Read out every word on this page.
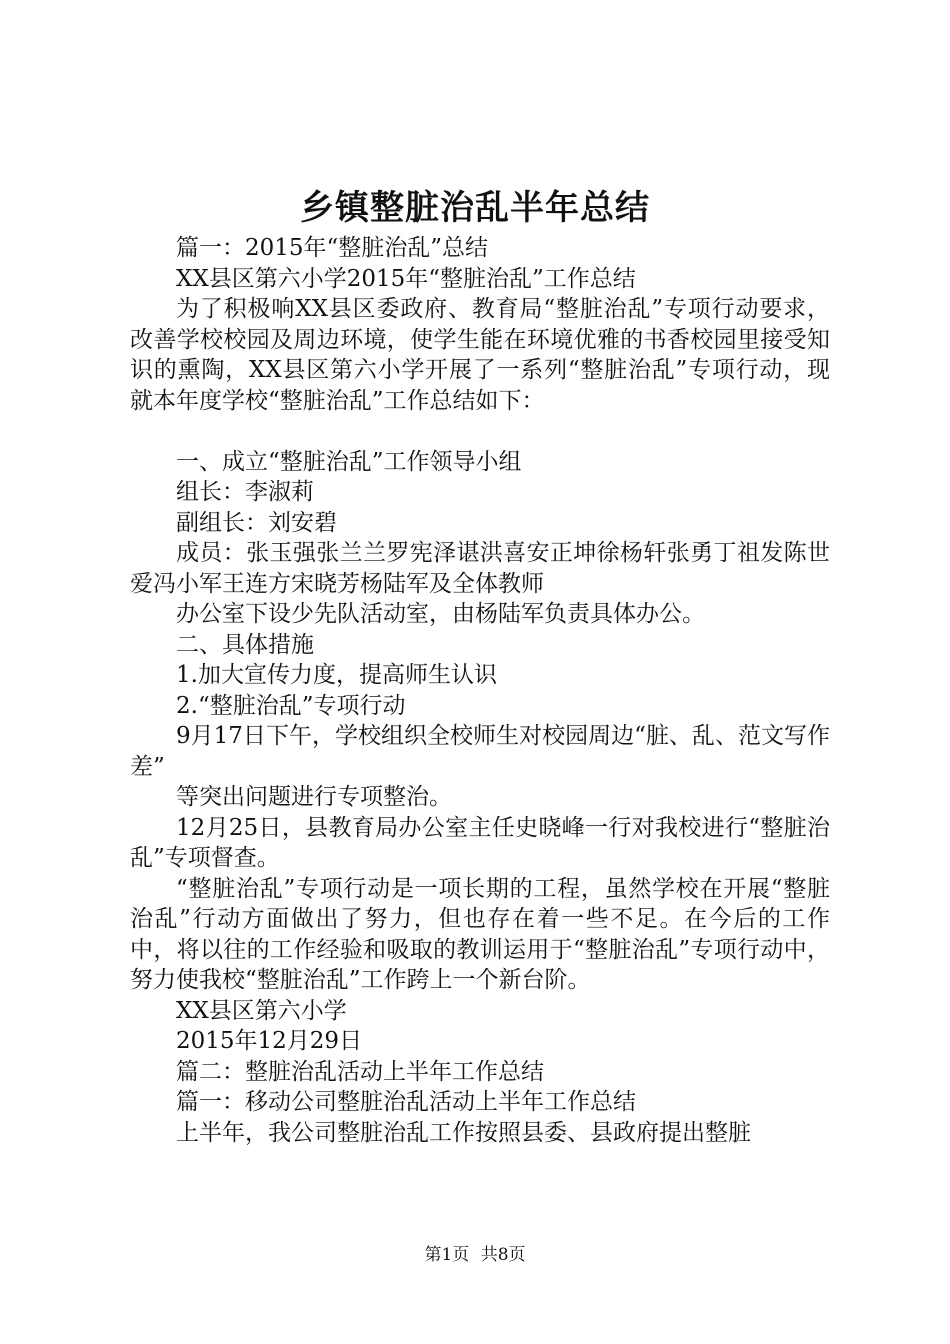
乡镇整脏治乱半年总结

篇一：2015年“整脏治乱”总结

XX县区第六小学2015年“整脏治乱”工作总结

为了积极响XX县区委政府、教育局“整脏治乱”专项行动要求，改善学校校园及周边环境，使学生能在环境优雅的书香校园里接受知识的熏陶，XX县区第六小学开展了一系列“整脏治乱”专项行动，现就本年度学校“整脏治乱”工作总结如下：

一、成立“整脏治乱”工作领导小组

组长：李淑莉

副组长：刘安碧

成员：张玉强张兰兰罗宪泽谌洪喜安正坤徐杨轩张勇丁祖发陈世爱冯小军王连方宋晓芳杨陆军及全体教师

办公室下设少先队活动室，由杨陆军负责具体办公。

二、具体措施

1.加大宣传力度，提高师生认识

2.“整脏治乱”专项行动

9月17日下午，学校组织全校师生对校园周边“脏、乱、范文写作差”

等突出问题进行专项整治。

12月25日，县教育局办公室主任史晓峰一行对我校进行“整脏治乱”专项督查。

“整脏治乱”专项行动是一项长期的工程，虽然学校在开展“整脏治乱”行动方面做出了努力，但也存在着一些不足。在今后的工作中，将以往的工作经验和吸取的教训运用于“整脏治乱”专项行动中，努力使我校“整脏治乱”工作跨上一个新台阶。

XX县区第六小学

2015年12月29日

篇二：整脏治乱活动上半年工作总结

篇一：移动公司整脏治乱活动上半年工作总结

上半年，我公司整脏治乱工作按照县委、县政府提出整脏

第1页 共8页
